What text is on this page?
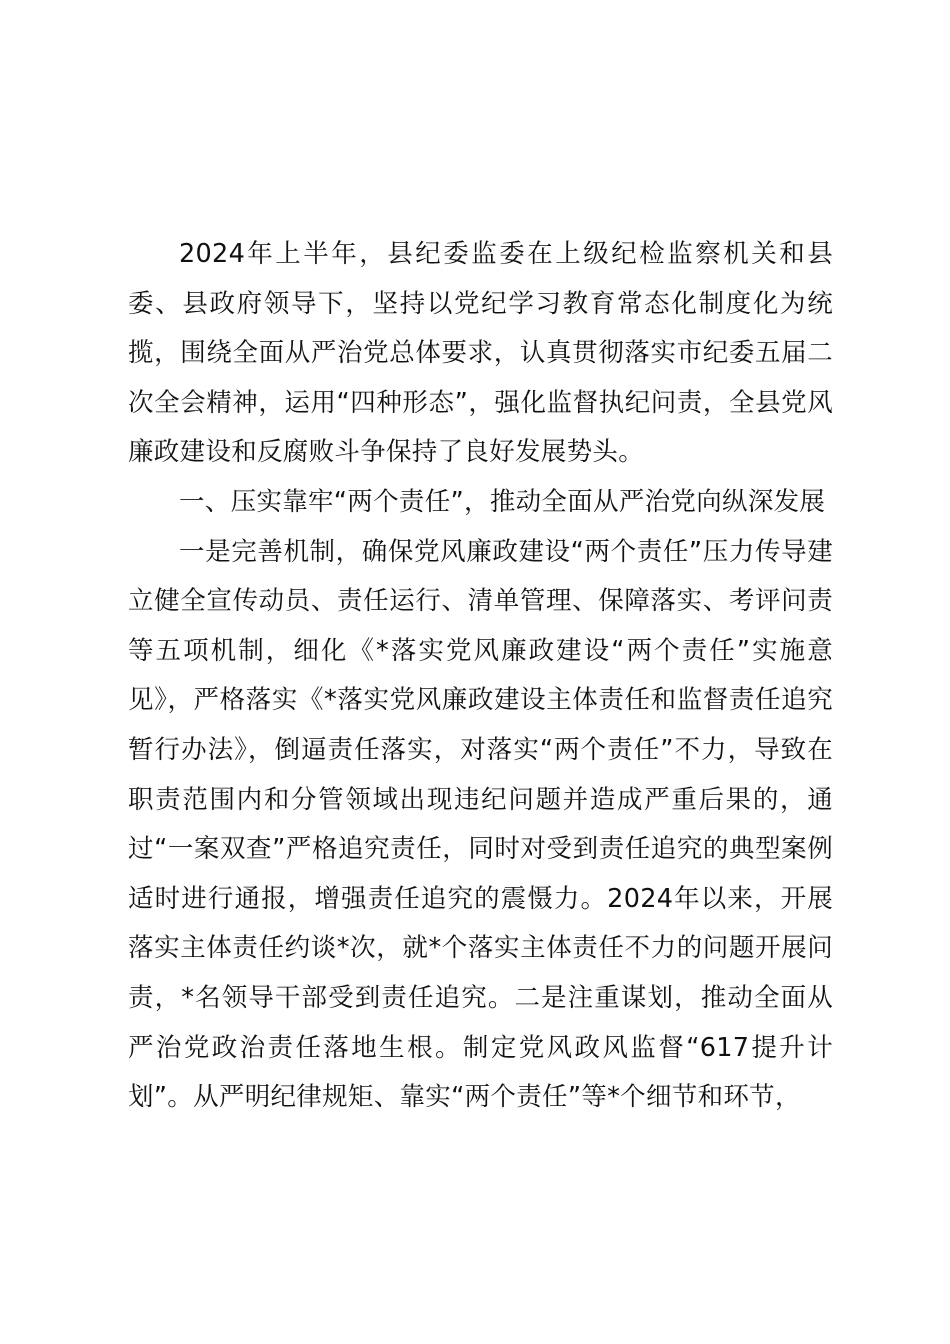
2024年上半年，县纪委监委在上级纪检监察机关和县委、县政府领导下，坚持以党纪学习教育常态化制度化为统揽，围绕全面从严治党总体要求，认真贯彻落实市纪委五届二次全会精神，运用“四种形态”，强化监督执纪问责，全县党风廉政建设和反腐败斗争保持了良好发展势头。

一、压实靠牢“两个责任”，推动全面从严治党向纵深发展

一是完善机制，确保党风廉政建设“两个责任”压力传导建立健全宣传动员、责任运行、清单管理、保障落实、考评问责等五项机制，细化《*落实党风廉政建设“两个责任”实施意见》，严格落实《*落实党风廉政建设主体责任和监督责任追究暂行办法》，倒逼责任落实，对落实“两个责任”不力，导致在职责范围内和分管领域出现违纪问题并造成严重后果的，通过“一案双查”严格追究责任，同时对受到责任追究的典型案例适时进行通报，增强责任追究的震慑力。2024年以来，开展落实主体责任约谈*次，就*个落实主体责任不力的问题开展问责，*名领导干部受到责任追究。二是注重谋划，推动全面从严治党政治责任落地生根。制定党风政风监督“617提升计划”。从严明纪律规矩、靠实“两个责任”等*个细节和环节，
